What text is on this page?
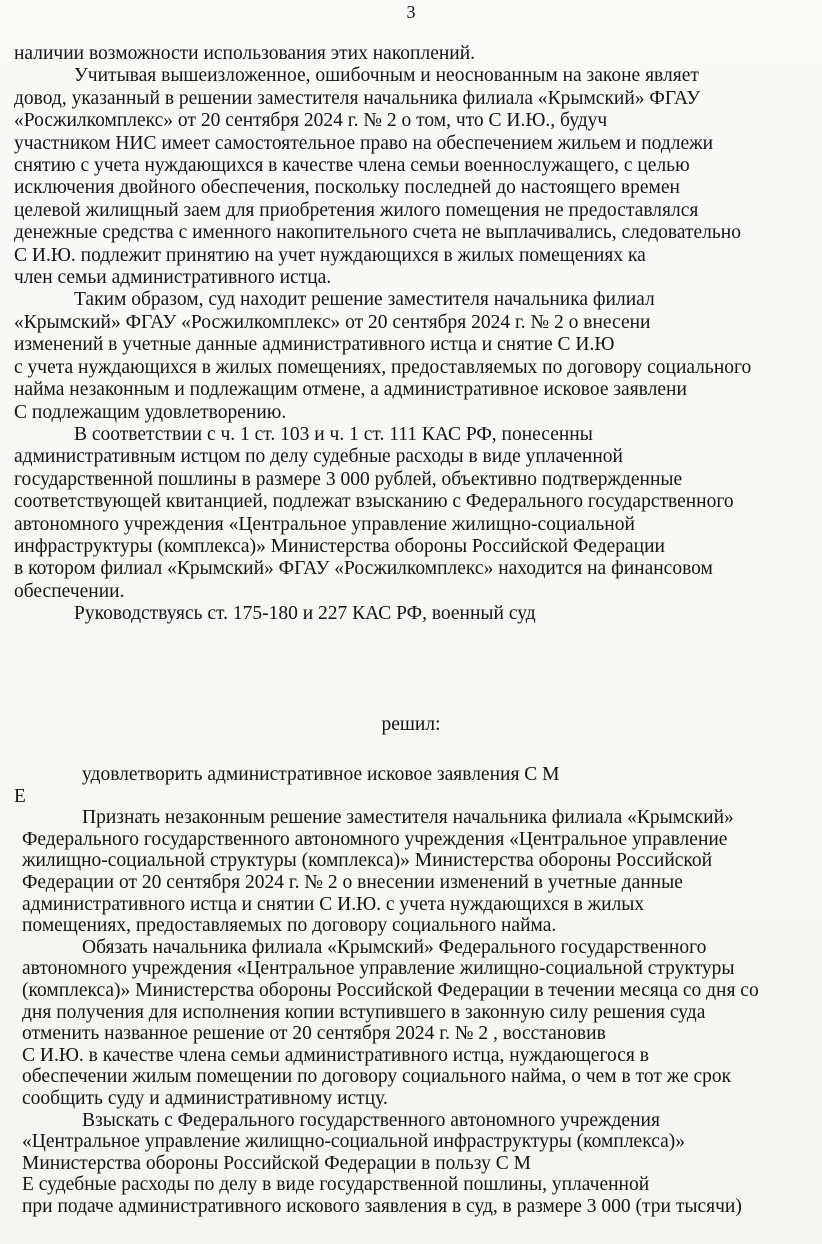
3
наличии возможности использования этих накоплений.
Учитывая вышеизложенное, ошибочным и неоснованным на законе являет
довод, указанный в решении заместителя начальника филиала «Крымский» ФГАУ
«Росжилкомплекс» от 20 сентября 2024 г. № 2 о том, что С И.Ю., будуч
участником НИС имеет самостоятельное право на обеспечением жильем и подлежи
снятию с учета нуждающихся в качестве члена семьи военнослужащего, с целью
исключения двойного обеспечения, поскольку последней до настоящего времен
целевой жилищный заем для приобретения жилого помещения не предоставлялся
денежные средства с именного накопительного счета не выплачивались, следовательно
С И.Ю. подлежит принятию на учет нуждающихся в жилых помещениях ка
член семьи административного истца.
Таким образом, суд находит решение заместителя начальника филиал
«Крымский» ФГАУ «Росжилкомплекс» от 20 сентября 2024 г. № 2 о внесени
изменений в учетные данные административного истца и снятие С И.Ю
с учета нуждающихся в жилых помещениях, предоставляемых по договору социального
найма незаконным и подлежащим отмене, а административное исковое заявлени
С подлежащим удовлетворению.
В соответствии с ч. 1 ст. 103 и ч. 1 ст. 111 КАС РФ, понесенны
административным истцом по делу судебные расходы в виде уплаченной
государственной пошлины в размере 3 000 рублей, объективно подтвержденные
соответствующей квитанцией, подлежат взысканию с Федерального государственного
автономного учреждения «Центральное управление жилищно-социальной
инфраструктуры (комплекса)» Министерства обороны Российской Федерации
в котором филиал «Крымский» ФГАУ «Росжилкомплекс» находится на финансовом
обеспечении.
Руководствуясь ст. 175-180 и 227 КАС РФ, военный суд
решил:
удовлетворить административное исковое заявления С М
Е
Признать незаконным решение заместителя начальника филиала «Крымский»
Федерального государственного автономного учреждения «Центральное управление
жилищно-социальной структуры (комплекса)» Министерства обороны Российской
Федерации от 20 сентября 2024 г. № 2 о внесении изменений в учетные данные
административного истца и снятии С И.Ю. с учета нуждающихся в жилых
помещениях, предоставляемых по договору социального найма.
Обязать начальника филиала «Крымский» Федерального государственного
автономного учреждения «Центральное управление жилищно-социальной структуры
(комплекса)» Министерства обороны Российской Федерации в течении месяца со дня со
дня получения для исполнения копии вступившего в законную силу решения суда
отменить названное решение от 20 сентября 2024 г. № 2 , восстановив
С И.Ю. в качестве члена семьи административного истца, нуждающегося в
обеспечении жилым помещении по договору социального найма, о чем в тот же срок
сообщить суду и административному истцу.
Взыскать с Федерального государственного автономного учреждения
«Центральное управление жилищно-социальной инфраструктуры (комплекса)»
Министерства обороны Российской Федерации в пользу С М
Е судебные расходы по делу в виде государственной пошлины, уплаченной
при подаче административного искового заявления в суд, в размере 3 000 (три тысячи)
